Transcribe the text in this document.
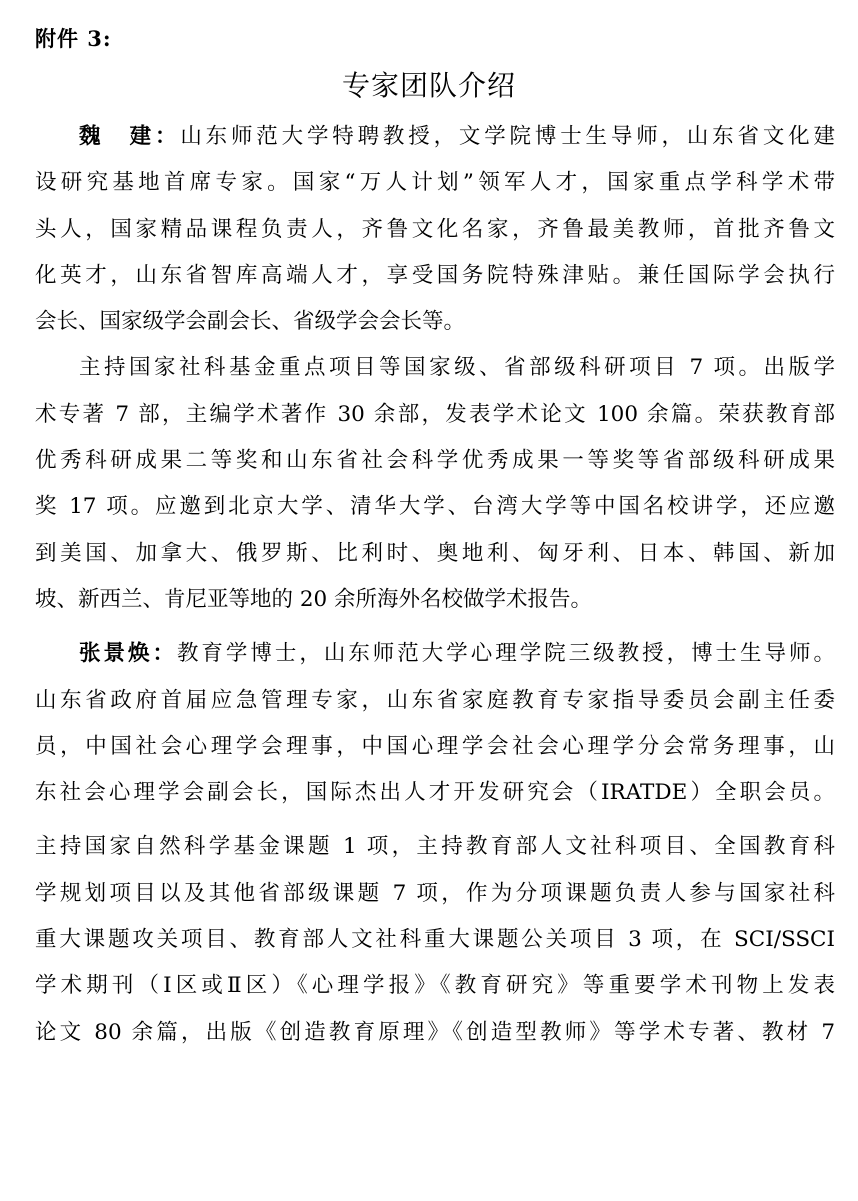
附件 3:
专家团队介绍
魏　建：山东师范大学特聘教授，文学院博士生导师，山东省文化建
设研究基地首席专家。国家“万人计划”领军人才，国家重点学科学术带
头人，国家精品课程负责人，齐鲁文化名家，齐鲁最美教师，首批齐鲁文
化英才，山东省智库高端人才，享受国务院特殊津贴。兼任国际学会执行
会长、国家级学会副会长、省级学会会长等。
主持国家社科基金重点项目等国家级、省部级科研项目 7 项。出版学
术专著 7 部，主编学术著作 30 余部，发表学术论文 100 余篇。荣获教育部
优秀科研成果二等奖和山东省社会科学优秀成果一等奖等省部级科研成果
奖 17 项。应邀到北京大学、清华大学、台湾大学等中国名校讲学，还应邀
到美国、加拿大、俄罗斯、比利时、奥地利、匈牙利、日本、韩国、新加
坡、新西兰、肯尼亚等地的 20 余所海外名校做学术报告。
张景焕：教育学博士，山东师范大学心理学院三级教授，博士生导师。
山东省政府首届应急管理专家，山东省家庭教育专家指导委员会副主任委
员，中国社会心理学会理事，中国心理学会社会心理学分会常务理事，山
东社会心理学会副会长，国际杰出人才开发研究会（IRATDE）全职会员。
主持国家自然科学基金课题 1 项，主持教育部人文社科项目、全国教育科
学规划项目以及其他省部级课题 7 项，作为分项课题负责人参与国家社科
重大课题攻关项目、教育部人文社科重大课题公关项目 3 项，在 SCI/SSCI
学术期刊（Ⅰ区或Ⅱ区）《心理学报》《教育研究》等重要学术刊物上发表
论文 80 余篇，出版《创造教育原理》《创造型教师》等学术专著、教材 7
